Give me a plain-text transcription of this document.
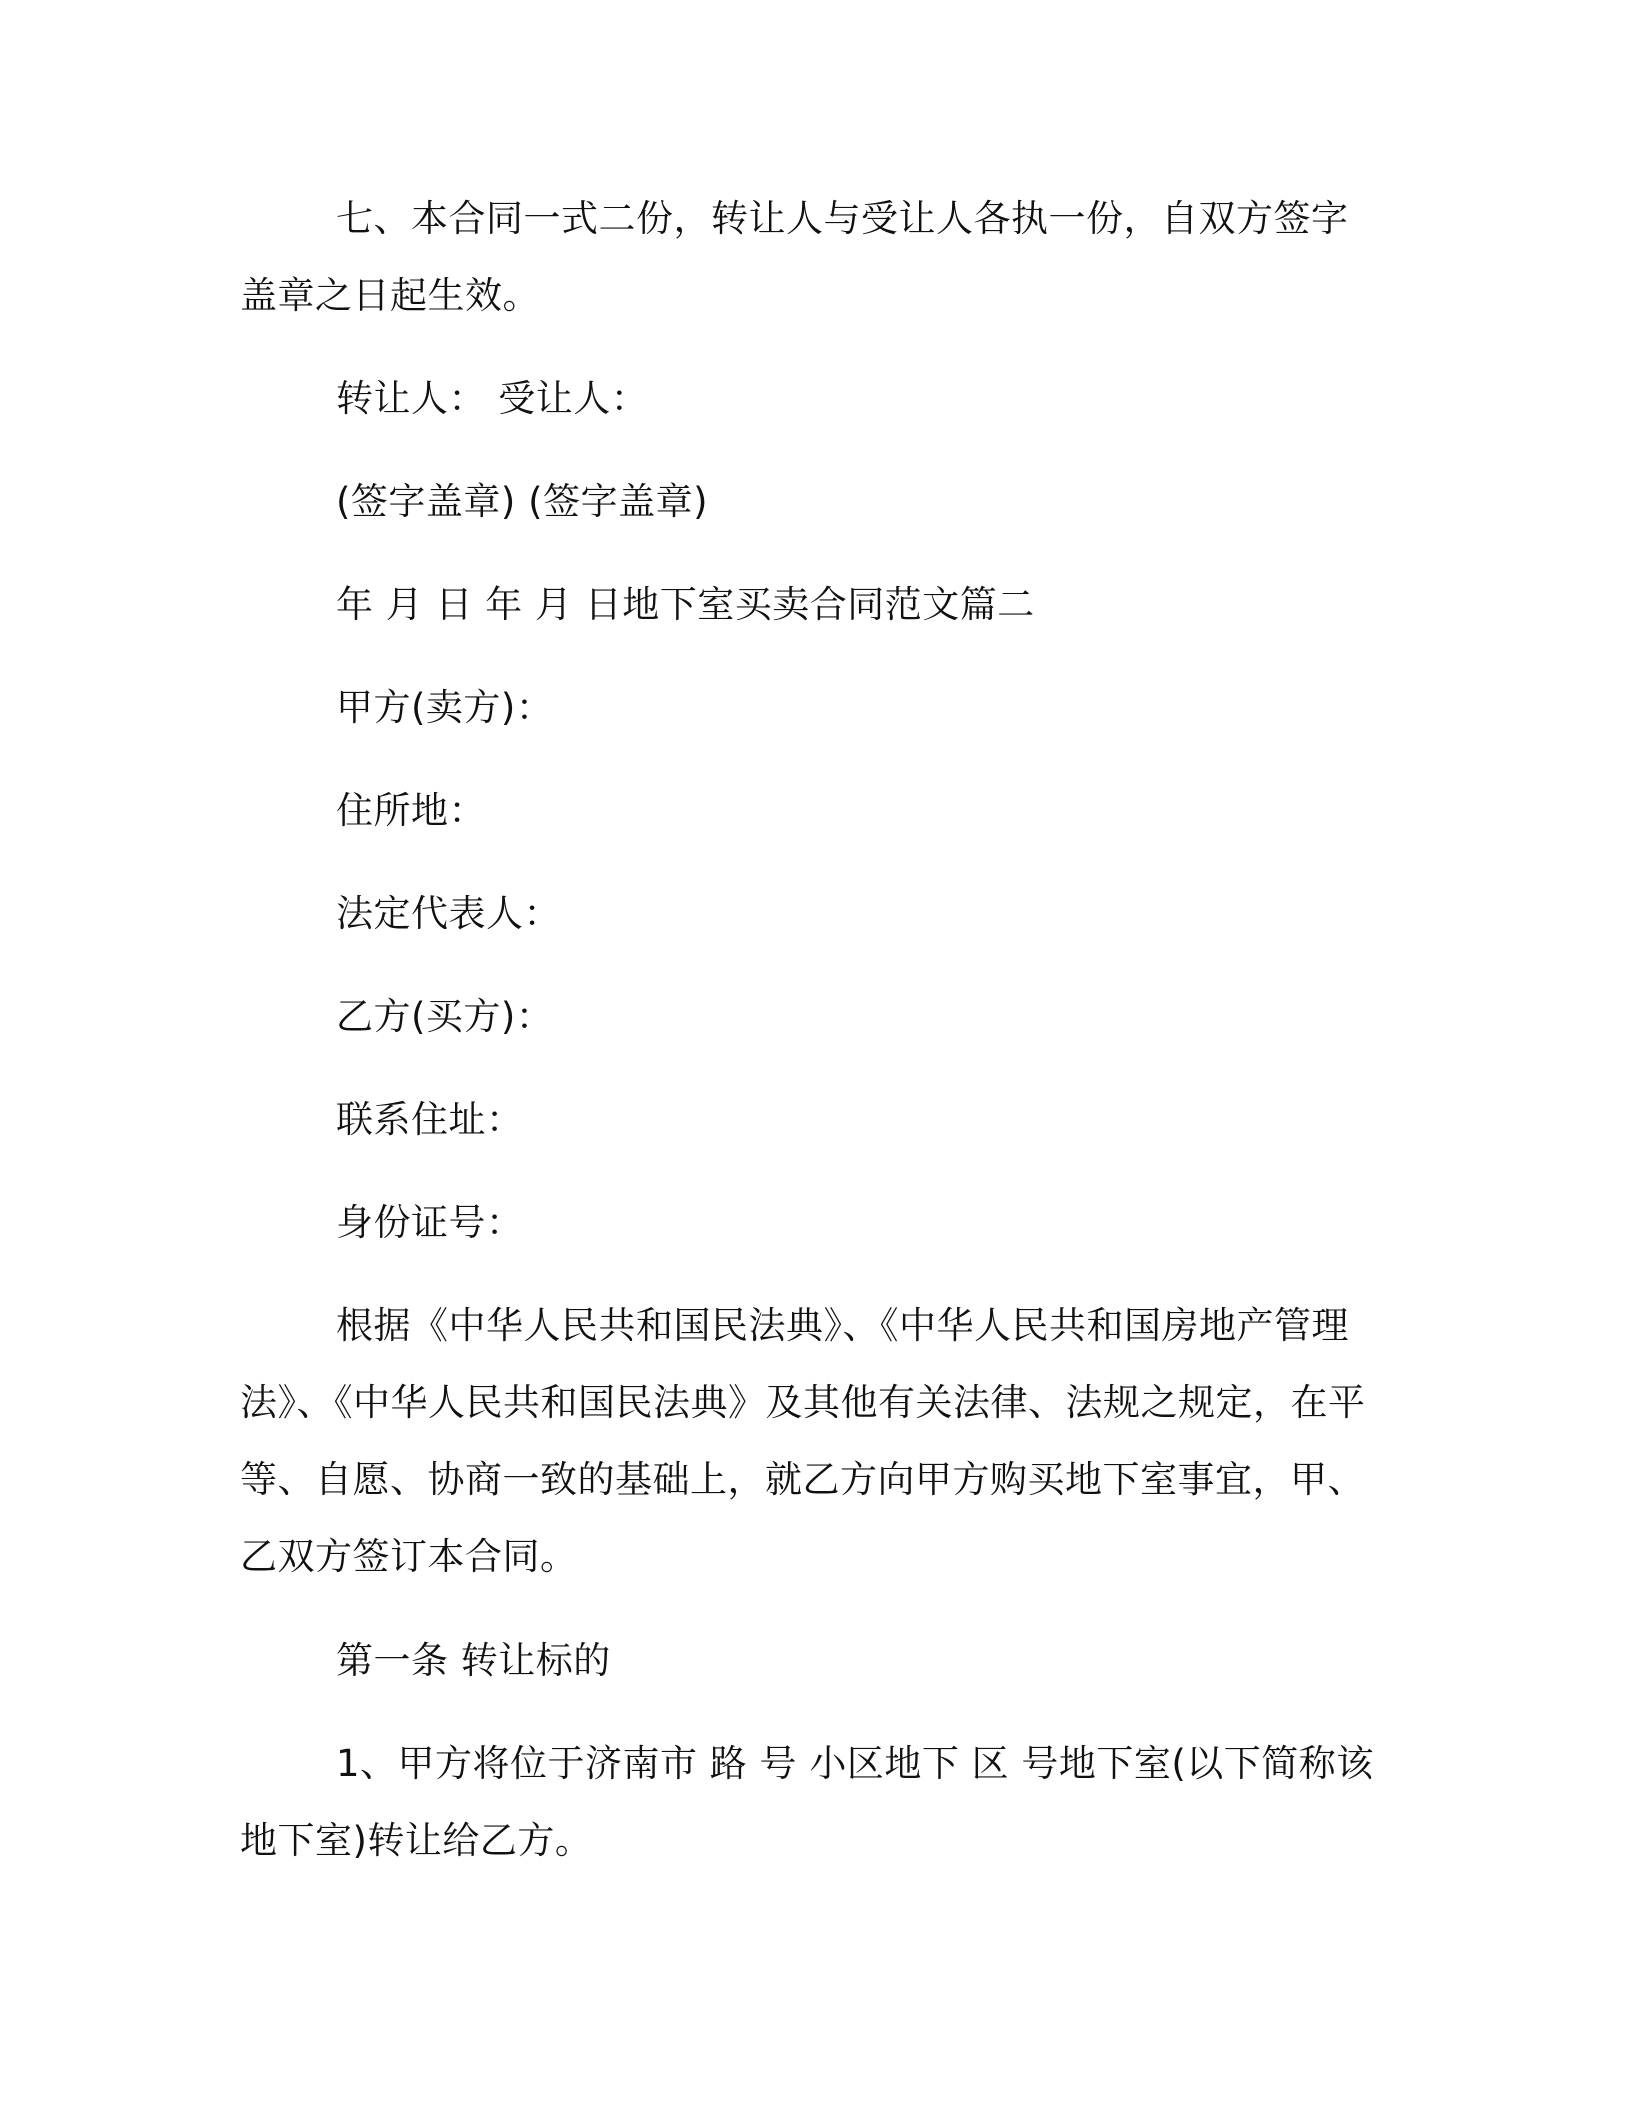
七、本合同一式二份，转让人与受让人各执一份，自双方签字盖章之日起生效。

转让人： 受让人：

(签字盖章) (签字盖章)

年 月 日 年 月 日地下室买卖合同范文篇二

甲方(卖方)：

住所地：

法定代表人：

乙方(买方)：

联系住址：

身份证号：

根据《中华人民共和国民法典》、《中华人民共和国房地产管理法》、《中华人民共和国民法典》及其他有关法律、法规之规定，在平等、自愿、协商一致的基础上，就乙方向甲方购买地下室事宜，甲、乙双方签订本合同。

第一条 转让标的

1、甲方将位于济南市 路 号 小区地下 区 号地下室(以下简称该地下室)转让给乙方。
